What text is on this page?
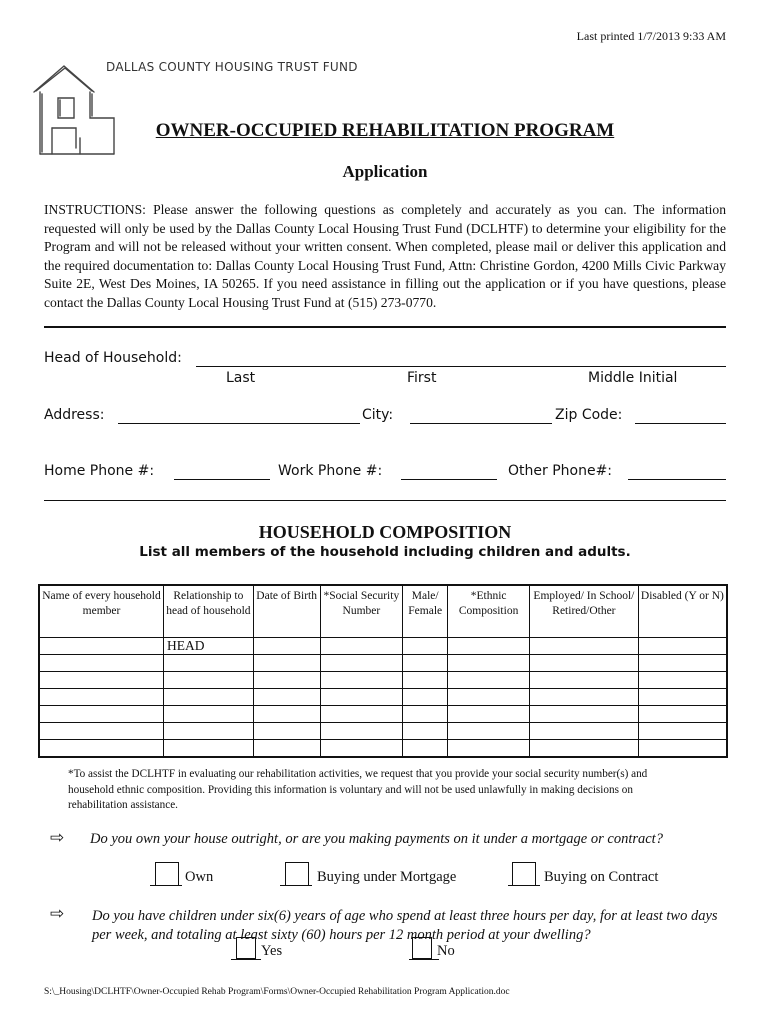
Last printed 1/7/2013 9:33 AM
DALLAS COUNTY HOUSING TRUST FUND
OWNER-OCCUPIED REHABILITATION PROGRAM
Application
INSTRUCTIONS: Please answer the following questions as completely and accurately as you can. The information requested will only be used by the Dallas County Local Housing Trust Fund (DCLHTF) to determine your eligibility for the Program and will not be released without your written consent. When completed, please mail or deliver this application and the required documentation to: Dallas County Local Housing Trust Fund, Attn: Christine Gordon, 4200 Mills Civic Parkway Suite 2E, West Des Moines, IA 50265. If you need assistance in filling out the application or if you have questions, please contact the Dallas County Local Housing Trust Fund at (515) 273-0770.
Head of Household:
Last	First	Middle Initial
Address:	City:	Zip Code:
Home Phone #:	Work Phone #:	Other Phone#:
HOUSEHOLD COMPOSITION
List all members of the household including children and adults.
Name of every household member	Relationship to head of household	Date of Birth	*Social Security Number	Male/ Female	*Ethnic Composition	Employed/ In School/ Retired/Other	Disabled (Y or N)
	HEAD						

*To assist the DCLHTF in evaluating our rehabilitation activities, we request that you provide your social security number(s) and household ethnic composition. Providing this information is voluntary and will not be used unlawfully in making decisions on rehabilitation assistance.
⇨ Do you own your house outright, or are you making payments on it under a mortgage or contract?
Own	Buying under Mortgage	Buying on Contract
⇨ Do you have children under six(6) years of age who spend at least three hours per day, for at least two days per week, and totaling at least sixty (60) hours per 12 month period at your dwelling?
Yes	No
S:\_Housing\DCLHTF\Owner-Occupied Rehab Program\Forms\Owner-Occupied Rehabilitation Program Application.doc
